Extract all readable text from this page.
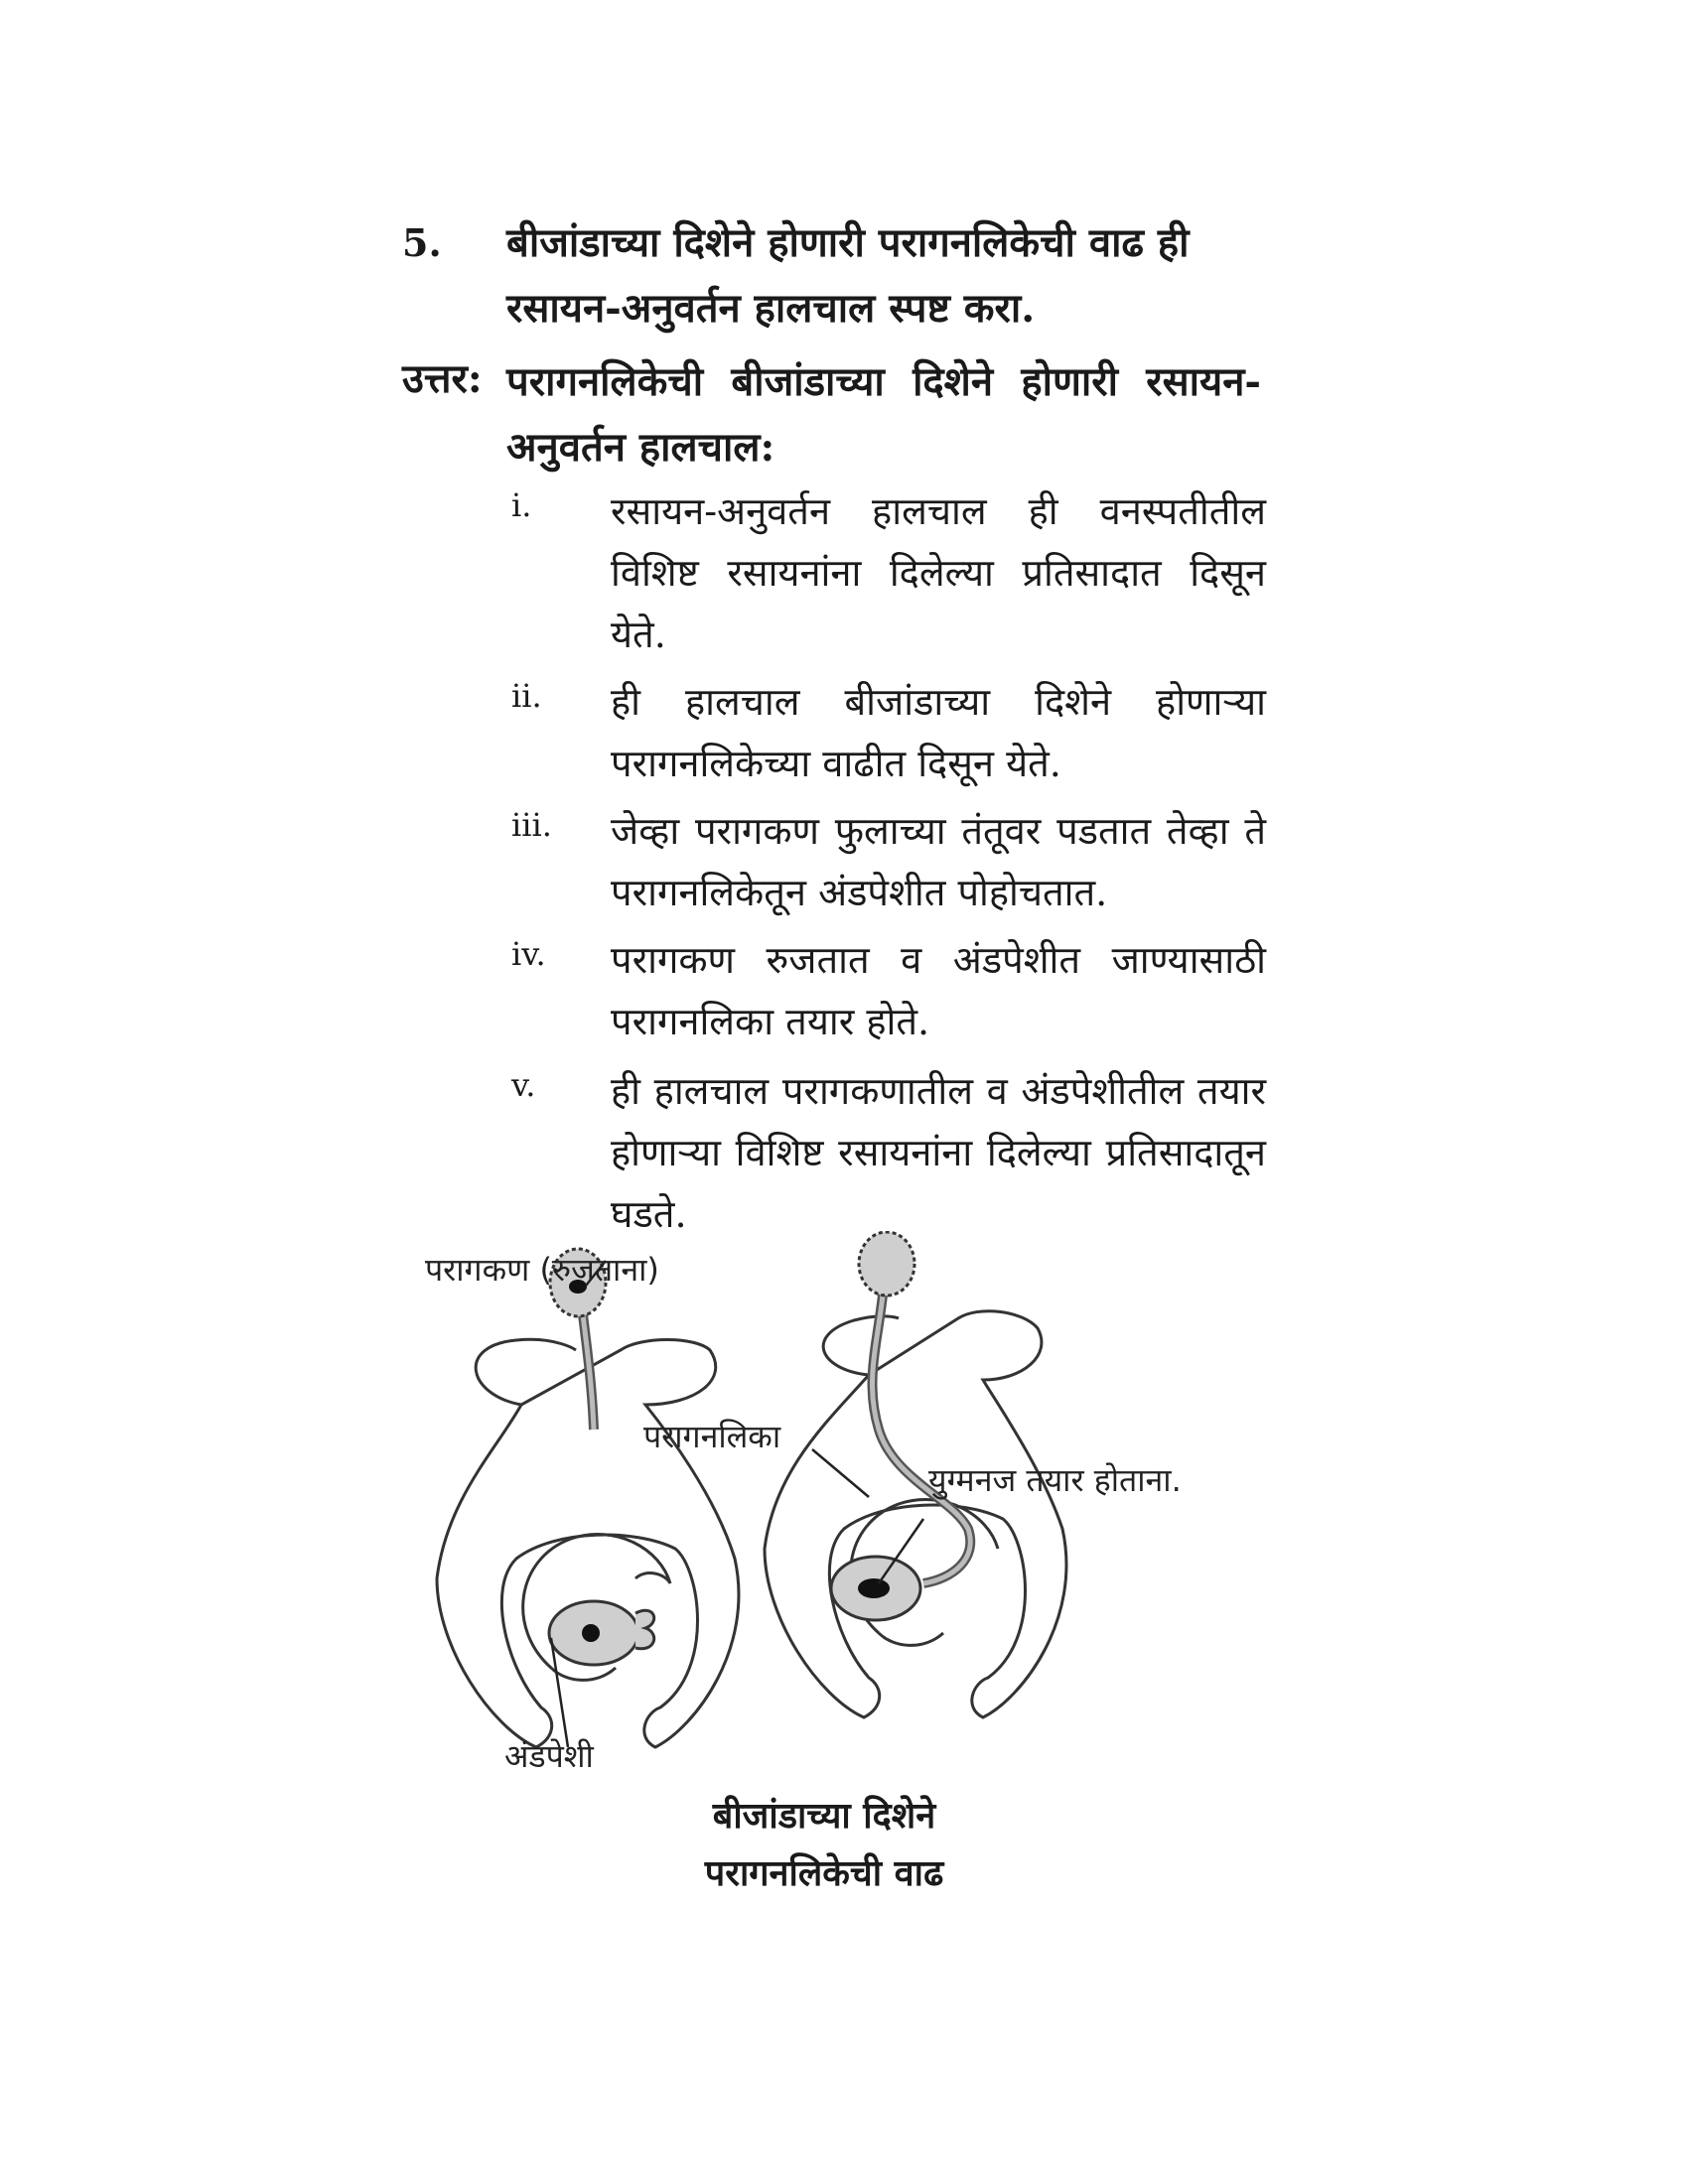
5. बीजांडाच्या दिशेने होणारी परागनलिकेची वाढ ही रसायन-अनुवर्तन हालचाल स्पष्ट करा.
उत्तर: परागनलिकेची बीजांडाच्या दिशेने होणारी रसायन-अनुवर्तन हालचाल:
i. रसायन-अनुवर्तन हालचाल ही वनस्पतीतील विशिष्ट रसायनांना दिलेल्या प्रतिसादात दिसून येते.
ii. ही हालचाल बीजांडाच्या दिशेने होणाऱ्या परागनलिकेच्या वाढीत दिसून येते.
iii. जेव्हा परागकण फुलाच्या तंतूवर पडतात तेव्हा ते परागनलिकेतून अंडपेशीत पोहोचतात.
iv. परागकण रुजतात व अंडपेशीत जाण्यासाठी परागनलिका तयार होते.
v. ही हालचाल परागकणातील व अंडपेशीतील तयार होणाऱ्या विशिष्ट रसायनांना दिलेल्या प्रतिसादातून घडते.
परागकण (रुजताना)
परागनलिका
युग्मनज तयार होताना.
अंडपेशी
बीजांडाच्या दिशेने
परागनलिकेची वाढ
